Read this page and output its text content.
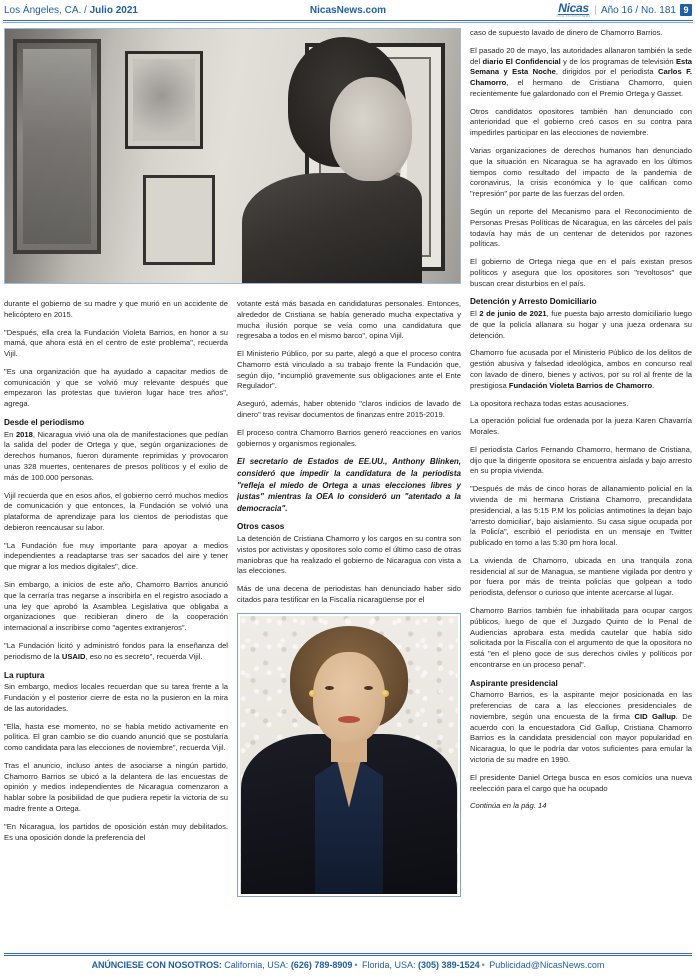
Los Ángeles, CA. / Julio 2021	NicasNews.com	Nicas
EN EL EXTERIOR NEWS
| Año 16 / No. 181 9

durante el gobierno de su madre y que murió en un accidente de helicóptero en 2015.

"Después, ella crea la Fundación Violeta Barrios, en honor a su mamá, que ahora está en el centro de este problema", recuerda Vijil.

"Es una organización que ha ayudado a capacitar medios de comunicación y que se volvió muy relevante después que empezaron las protestas que tuvieron lugar hace tres años", agrega.

Desde el periodismo

En 2018, Nicaragua vivió una ola de manifestaciones que pedían la salida del poder de Ortega y que, según organizaciones de derechos humanos, fueron duramente reprimidas y provocaron unas 328 muertes, centenares de presos políticos y el exilio de más de 100.000 personas.

Vijil recuerda que en esos años, el gobierno cerró muchos medios de comunicación y que entonces, la Fundación se volvió una plataforma de aprendizaje para los cientos de periodistas que debieron reencausar su labor.

"La Fundación fue muy importante para apoyar a medios independientes a readaptarse tras ser sacados del aire y tener que migrar a los medios digitales", dice.

Sin embargo, a inicios de este año, Chamorro Barrios anunció que la cerraría tras negarse a inscribirla en el registro asociado a una ley que aprobó la Asamblea Legislativa que obligaba a organizaciones que recibieran dinero de la cooperación internacional a inscribirse como "agentes extranjeros".

"La Fundación licitó y administró fondos para la enseñanza del periodismo de la USAID, eso no es secreto", recuerda Vijil.

La ruptura

Sin embargo, medios locales recuerdan que su tarea frente a la Fundación y el posterior cierre de esta no la pusieron en la mira de las autoridades.

"Ella, hasta ese momento, no se había metido activamente en política. El gran cambio se dio cuando anunció que se postularía como candidata para las elecciones de noviembre", recuerda Vijil.

Tras el anuncio, incluso antes de asociarse a ningún partido, Chamorro Barrios se ubicó a la delantera de las encuestas de opinión y medios independientes de Nicaragua comenzaron a hablar sobre la posibilidad de que pudiera repetir la victoria de su madre frente a Ortega.

"En Nicaragua, los partidos de oposición están muy debilitados. Es una oposición donde la preferencia del

votante está más basada en candidaturas personales. Entonces, alrededor de Cristiana se había generado mucha expectativa y mucha ilusión porque se veía como una candidatura que regresaba a todos en el mismo barco", opina Vijil.

El Ministerio Público, por su parte, alegó a que el proceso contra Chamorro está vinculado a su trabajo frente la Fundación que, según dijo, "incumplió gravemente sus obligaciones ante el Ente Regulador".

Aseguró, además, haber obtenido "claros indicios de lavado de dinero" tras revisar documentos de finanzas entre 2015-2019.

El proceso contra Chamorro Barrios generó reacciones en varios gobiernos y organismos regionales.

El secretario de Estados de EE.UU., Anthony Blinken, consideró que impedir la candidatura de la periodista "refleja el miedo de Ortega a unas elecciones libres y justas" mientras la OEA lo consideró un "atentado a la democracia".

Otros casos

La detención de Cristiana Chamorro y los cargos en su contra son vistos por activistas y opositores solo como el último caso de otras maniobras que ha realizado el gobierno de Nicaragua con vista a las elecciones.

Más de una decena de periodistas han denunciado haber sido citados para testificar en la Fiscalía nicaragüense por el

caso de supuesto lavado de dinero de Chamorro Barrios.

El pasado 20 de mayo, las autoridades allanaron también la sede del diario El Confidencial y de los programas de televisión Esta Semana y Esta Noche, dirigidos por el periodista Carlos F. Chamorro, el hermano de Cristiana Chamorro, quien recientemente fue galardonado con el Premio Ortega y Gasset.

Otros candidatos opositores también han denunciado con anterioridad que el gobierno creó casos en su contra para impedirles participar en las elecciones de noviembre.

Varias organizaciones de derechos humanos han denunciado que la situación en Nicaragua se ha agravado en los últimos tiempos como resultado del impacto de la pandemia de coronavirus, la crisis económica y lo que califican como "represión" por parte de las fuerzas del orden.

Según un reporte del Mecanismo para el Reconocimiento de Personas Presas Políticas de Nicaragua, en las cárceles del país todavía hay más de un centenar de detenidos por razones políticas.

El gobierno de Ortega niega que en el país existan presos políticos y asegura que los opositores son "revoltosos" que buscan crear disturbios en el país.

Detención y Arresto Domiciliario

El 2 de junio de 2021, fue puesta bajo arresto domiciliario luego de que la policía allanara su hogar y una jueza ordenara su detención.

Chamorro fue acusada por el Ministerio Público de los delitos de gestión abusiva y falsedad ideológica, ambos en concurso real con lavado de dinero, bienes y activos, por su rol al frente de la prestigiosa Fundación Violeta Barrios de Chamorro.

La opositora rechaza todas estas acusaciones.

La operación policial fue ordenada por la jueza Karen Chavarría Morales.

El periodista Carlos Fernando Chamorro, hermano de Cristiana, dijo que la dirigente opositora se encuentra aislada y bajo arresto en su propia vivienda.

"Después de más de cinco horas de allanamiento policial en la vivienda de mi hermana Cristiana Chamorro, precandidata presidencial, a las 5:15 P.M los policías antimotines la dejan bajo 'arresto domiciliar', bajo aislamiento. Su casa sigue ocupada por la Policía", escribió el periodista en un mensaje en Twitter publicado en torno a las 5:30 pm hora local.

La vivienda de Chamorro, ubicada en una tranquila zona residencial al sur de Managua, se mantiene vigilada por dentro y por fuera por más de treinta policías que golpean a todo periodista, defensor o curioso que intente acercarse al lugar.

Chamorro Barrios también fue inhabilitada para ocupar cargos públicos, luego de que el Juzgado Quinto de lo Penal de Audiencias aprobara esta medida cautelar que había sido solicitada por la Fiscalía con el argumento de que la opositora no está "en el pleno goce de sus derechos civiles y políticos por encontrarse en un proceso penal".

Aspirante presidencial

Chamorro Barrios, es la aspirante mejor posicionada en las preferencias de cara a las elecciones presidenciales de noviembre, según una encuesta de la firma CID Gallup. De acuerdo con la encuestadora Cid Gallup, Cristiana Chamorro Barrios es la candidata presidencial con mayor popularidad en Nicaragua, lo que le podría dar votos suficientes para emular la victoria de su madre en 1990.

El presidente Daniel Ortega busca en esos comicios una nueva reelección para el cargo que ha ocupado

Continúa en la pág. 14

ANÚNCIESE CON NOSOTROS: California, USA: (626) 789-8909 • Florida, USA: (305) 389-1524 • Publicidad@NicasNews.com
